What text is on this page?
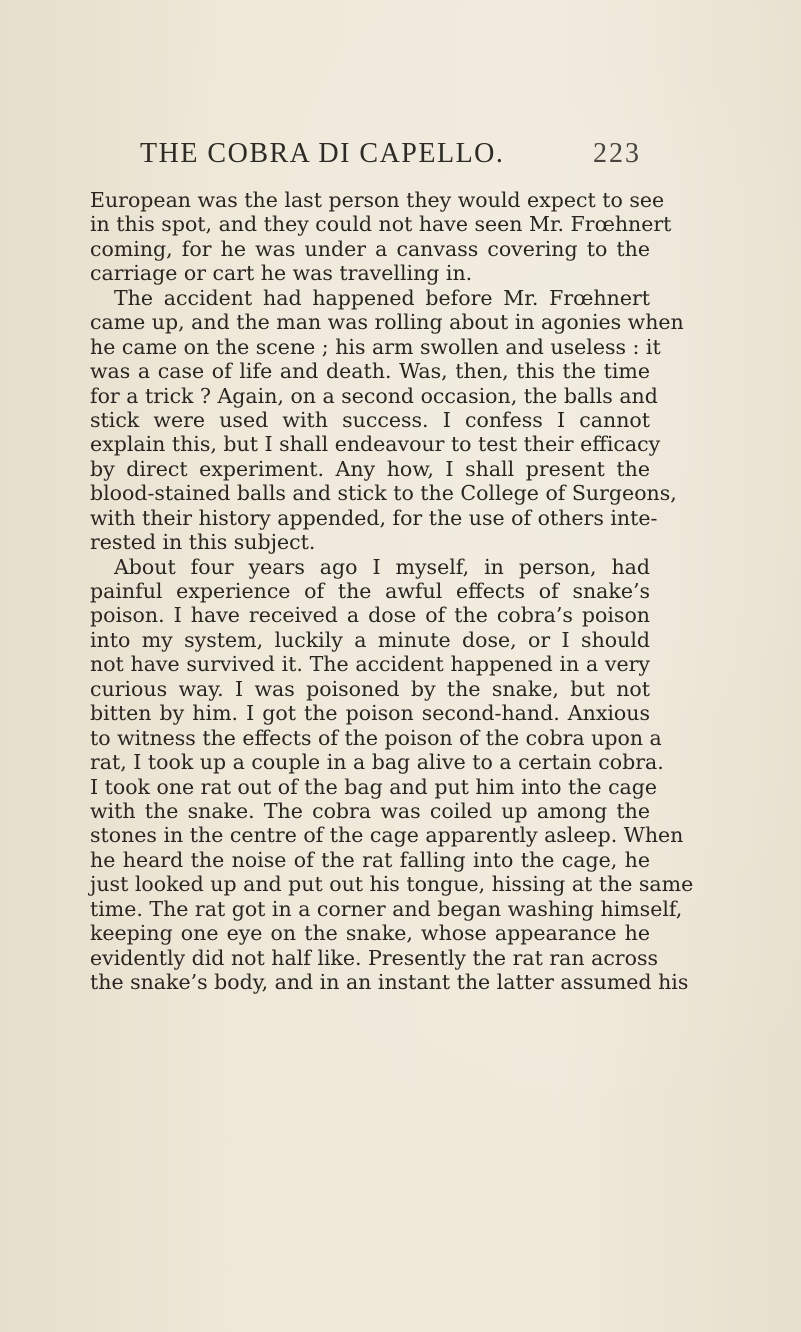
THE COBRA DI CAPELLO.	223
European was the last person they would expect to see
in this spot, and they could not have seen Mr. Frœhnert
coming, for he was under a canvass covering to the
carriage or cart he was travelling in.
The accident had happened before Mr. Frœhnert
came up, and the man was rolling about in agonies when
he came on the scene ; his arm swollen and useless : it
was a case of life and death. Was, then, this the time
for a trick ? Again, on a second occasion, the balls and
stick were used with success. I confess I cannot
explain this, but I shall endeavour to test their efficacy
by direct experiment. Any how, I shall present the
blood-stained balls and stick to the College of Surgeons,
with their history appended, for the use of others inte-
rested in this subject.
About four years ago I myself, in person, had
painful experience of the awful effects of snake’s
poison. I have received a dose of the cobra’s poison
into my system, luckily a minute dose, or I should
not have survived it. The accident happened in a very
curious way. I was poisoned by the snake, but not
bitten by him. I got the poison second-hand. Anxious
to witness the effects of the poison of the cobra upon a
rat, I took up a couple in a bag alive to a certain cobra.
I took one rat out of the bag and put him into the cage
with the snake. The cobra was coiled up among the
stones in the centre of the cage apparently asleep. When
he heard the noise of the rat falling into the cage, he
just looked up and put out his tongue, hissing at the same
time. The rat got in a corner and began washing himself,
keeping one eye on the snake, whose appearance he
evidently did not half like. Presently the rat ran across
the snake’s body, and in an instant the latter assumed his
